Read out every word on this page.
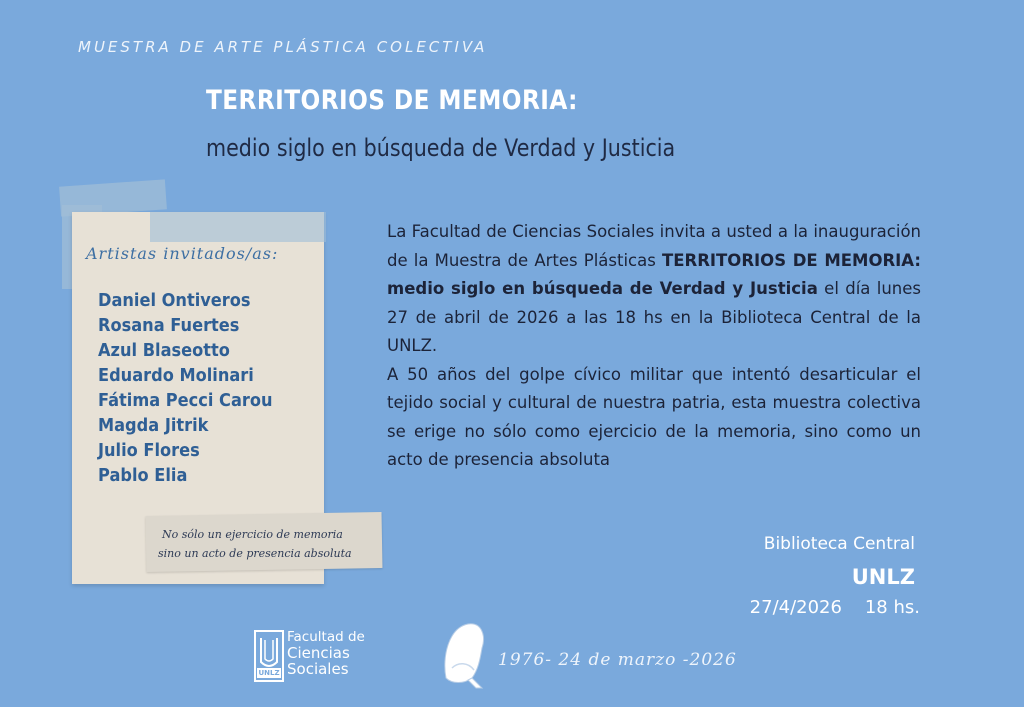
MUESTRA DE ARTE PLÁSTICA COLECTIVA
TERRITORIOS DE MEMORIA:
medio siglo en búsqueda de Verdad y Justicia
Artistas invitados/as:
Daniel Ontiveros
Rosana Fuertes
Azul Blaseotto
Eduardo Molinari
Fátima Pecci Carou
Magda Jitrik
Julio Flores
Pablo Elia
No sólo un ejercicio de memoria
sino un acto de presencia absoluta

La Facultad de Ciencias Sociales invita a usted a la inauguración de la Muestra de Artes Plásticas TERRITORIOS DE MEMORIA: medio siglo en búsqueda de Verdad y Justicia el día lunes 27 de abril de 2026 a las 18 hs en la Biblioteca Central de la UNLZ.

A 50 años del golpe cívico militar que intentó desarticular el tejido social y cultural de nuestra patria, esta muestra colectiva se erige no sólo como ejercicio de la memoria, sino como un acto de presencia absoluta

Biblioteca Central
UNLZ
27/4/2026 18 hs.
UNLZ
Facultad de
Ciencias
Sociales	1976- 24 de marzo -2026
